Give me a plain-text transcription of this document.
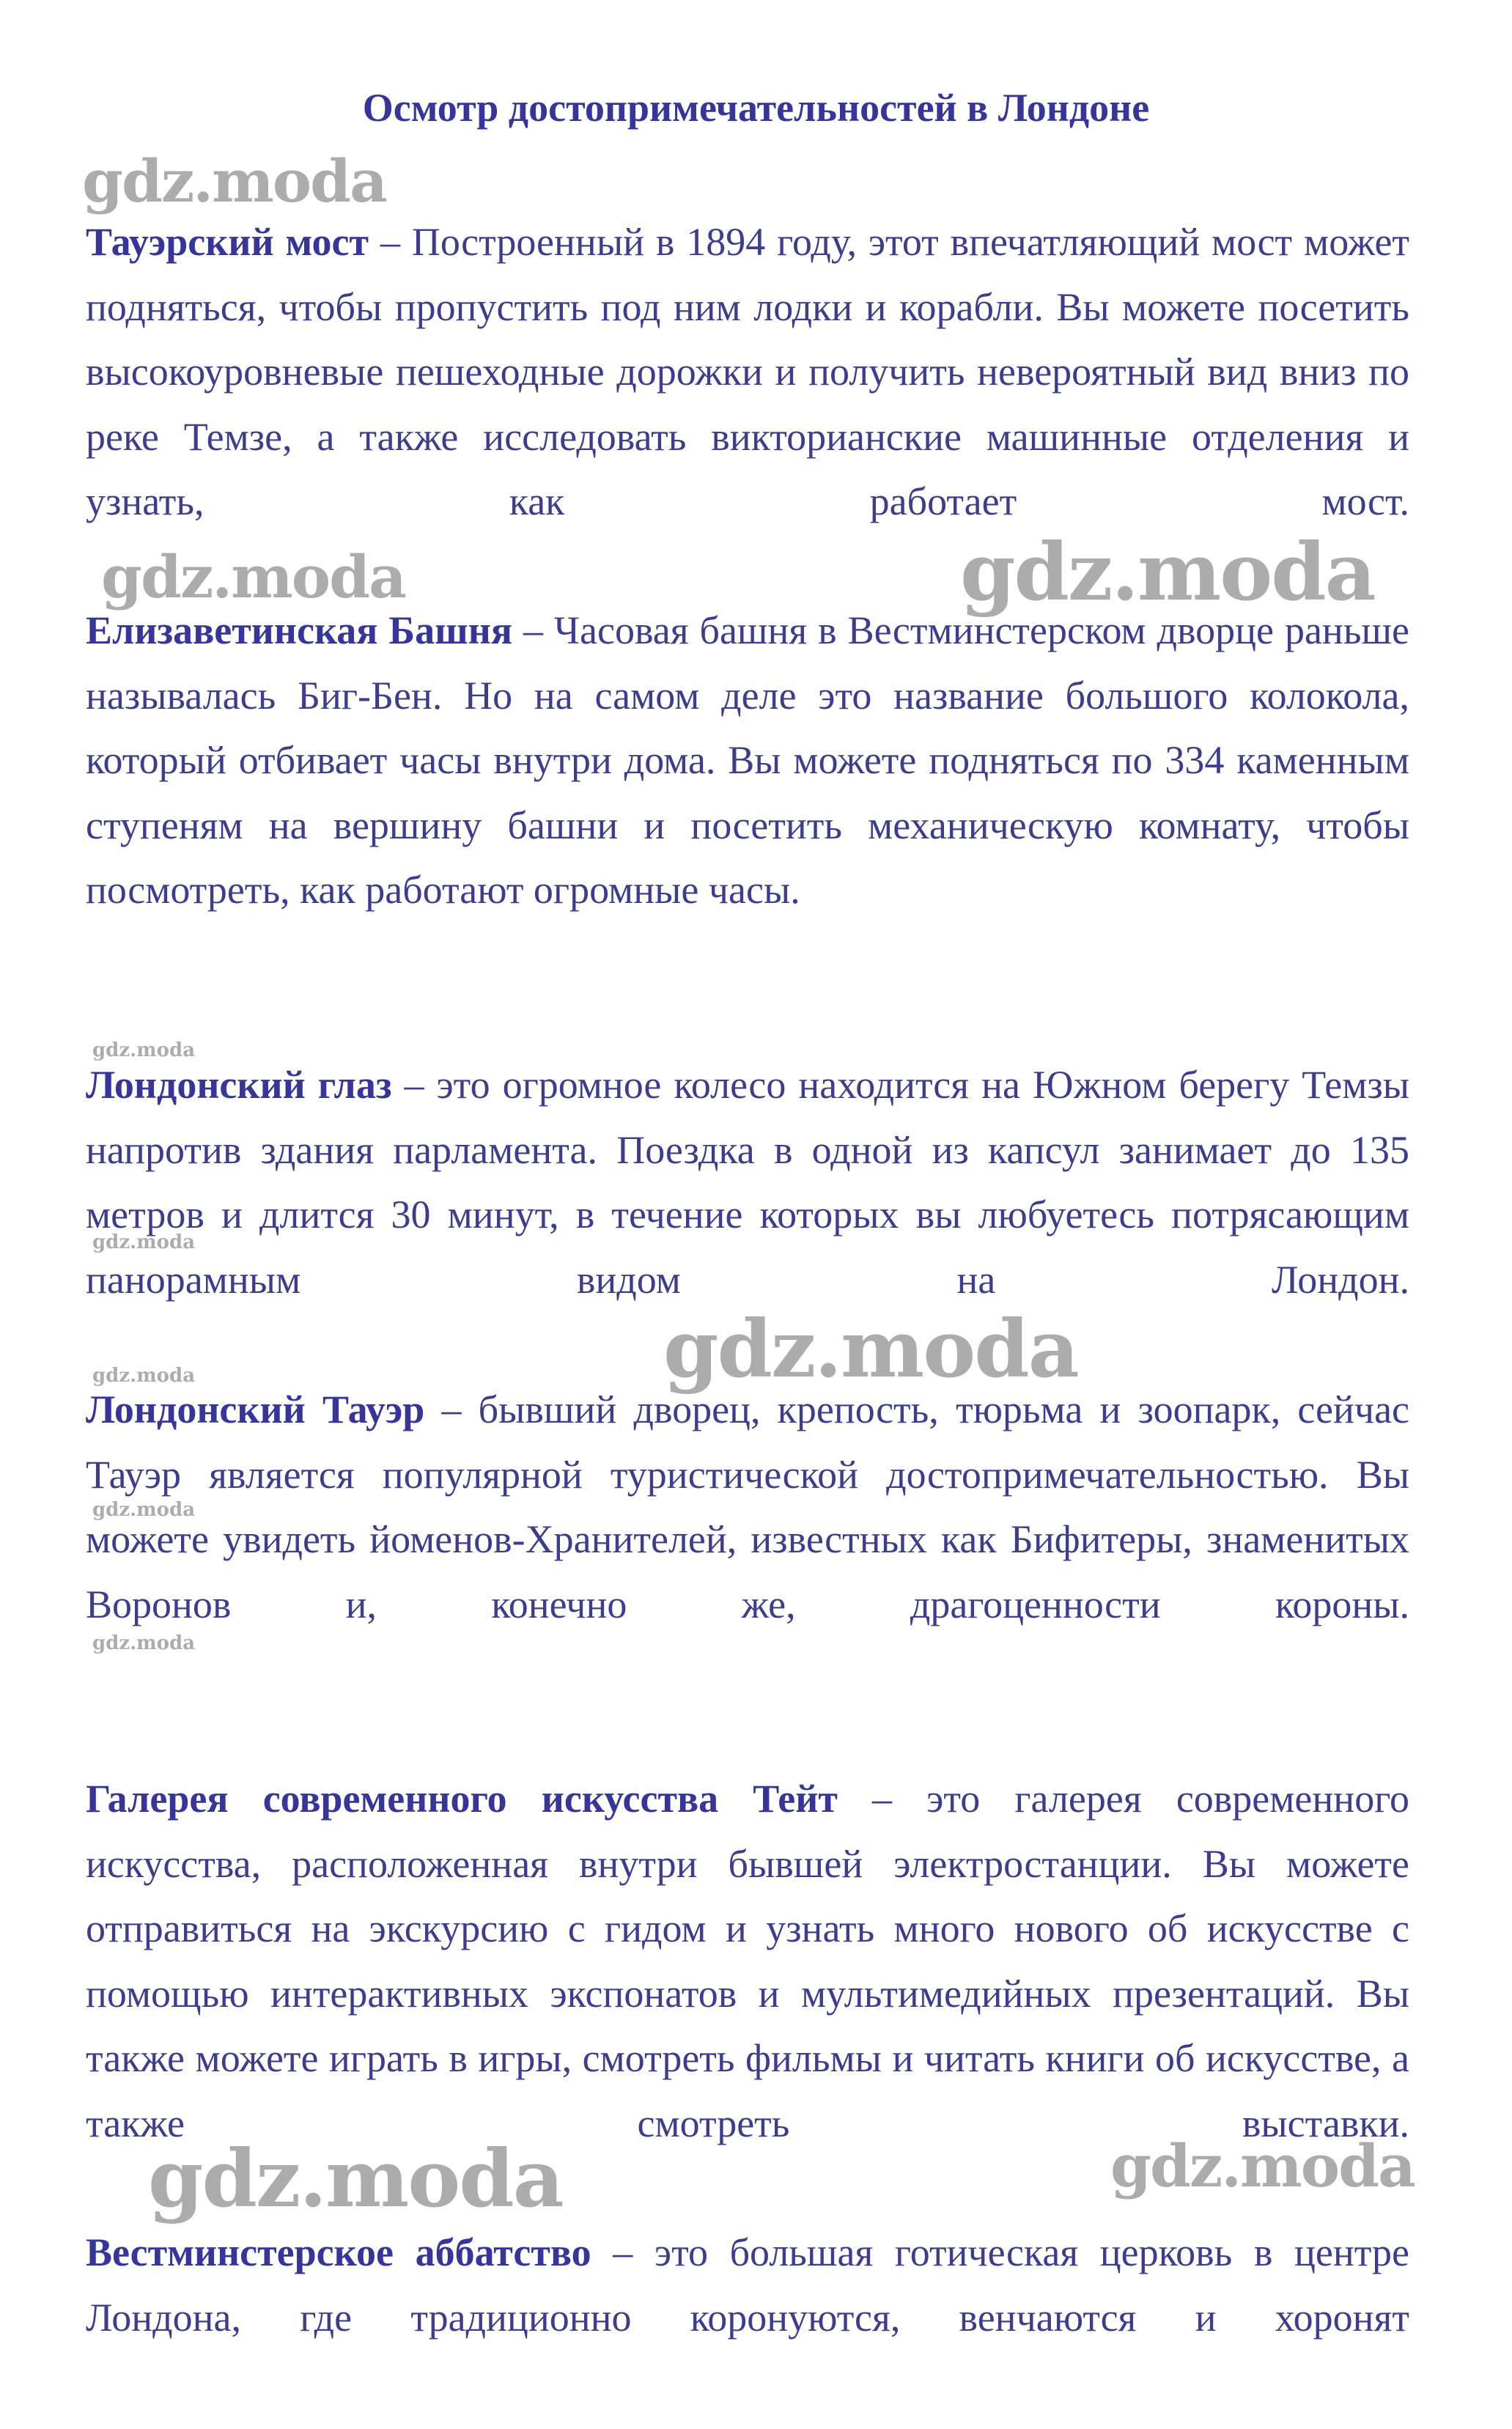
Осмотр достопримечательностей в Лондоне

Тауэрский мост – Построенный в 1894 году, этот впечатляющий мост может подняться, чтобы пропустить под ним лодки и корабли. Вы можете посетить высокоуровневые пешеходные дорожки и получить невероятный вид вниз по реке Темзе, а также исследовать викторианские машинные отделения и узнать, как работает мост.

Елизаветинская Башня – Часовая башня в Вестминстерском дворце раньше называлась Биг-Бен. Но на самом деле это название большого колокола, который отбивает часы внутри дома. Вы можете подняться по 334 каменным ступеням на вершину башни и посетить механическую комнату, чтобы посмотреть, как работают огромные часы.

Лондонский глаз – это огромное колесо находится на Южном берегу Темзы напротив здания парламента. Поездка в одной из капсул занимает до 135 метров и длится 30 минут, в течение которых вы любуетесь потрясающим панорамным видом на Лондон.

Лондонский Тауэр – бывший дворец, крепость, тюрьма и зоопарк, сейчас Тауэр является популярной туристической достопримечательностью. Вы можете увидеть йоменов-Хранителей, известных как Бифитеры, знаменитых Воронов и, конечно же, драгоценности короны.

Галерея современного искусства Тейт – это галерея современного искусства, расположенная внутри бывшей электростанции. Вы можете отправиться на экскурсию с гидом и узнать много нового об искусстве с помощью интерактивных экспонатов и мультимедийных презентаций. Вы также можете играть в игры, смотреть фильмы и читать книги об искусстве, а также смотреть выставки.

Вестминстерское аббатство – это большая готическая церковь в центре Лондона, где традиционно коронуются, венчаются и хоронят

gdz.moda
gdz.moda	gdz.moda
gdz.moda
gdz.moda
gdz.moda
gdz.moda
gdz.moda
gdz.moda
gdz.moda	gdz.moda
